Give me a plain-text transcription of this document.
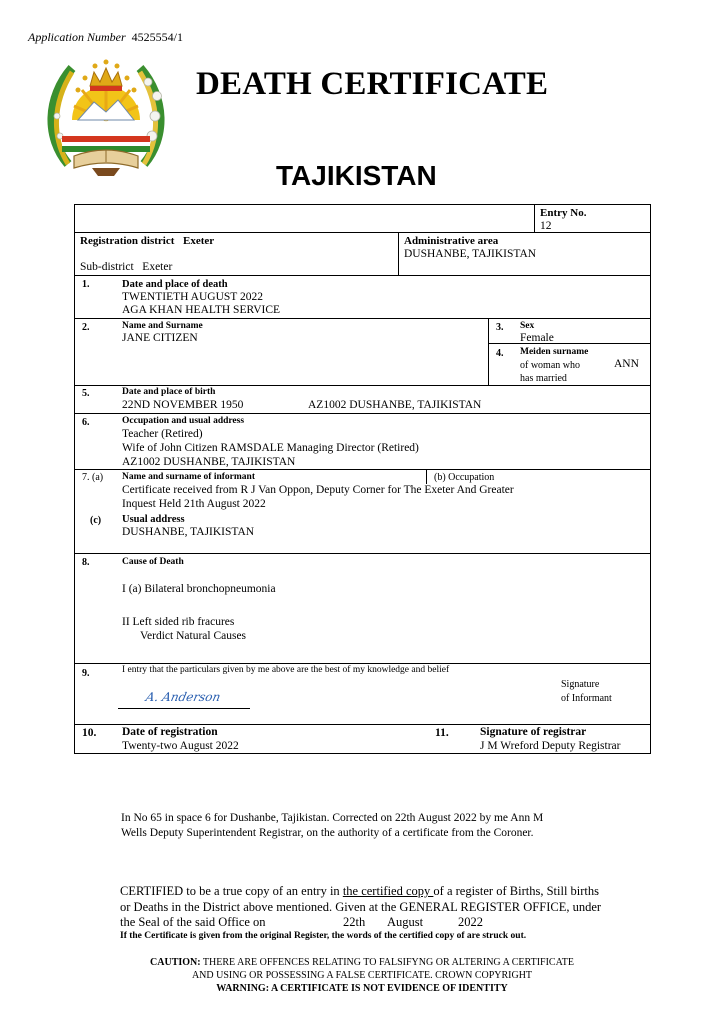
Application Number 4525554/1
DEATH CERTIFICATE
TAJIKISTAN
Entry No.
12
Registration district Exeter
Sub-district Exeter
Administrative area
DUSHANBE, TAJIKISTAN
1.	Date and place of death
TWENTIETH AUGUST 2022
AGA KHAN HEALTH SERVICE
2.	Name and Surname
JANE CITIZEN
3. Sex
Female
4. Meiden surname
of woman who
has married
ANN
5.	Date and place of birth
22ND NOVEMBER 1950	AZ1002 DUSHANBE, TAJIKISTAN
6.	Occupation and usual address
Teacher (Retired)
Wife of John Citizen RAMSDALE Managing Director (Retired)
AZ1002 DUSHANBE, TAJIKISTAN
7. (a) Name and surname of informant	(b) Occupation
Certificate received from R J Van Oppon, Deputy Corner for The Exeter And Greater
Inquest Held 21th August 2022
(c) Usual address
DUSHANBE, TAJIKISTAN
8.	Cause of Death
I (a) Bilateral bronchopneumonia
II Left sided rib fracures
Verdict Natural Causes
9.	I entry that the particulars given by me above are the best of my knowledge and belief
A. Anderson
Signature
of Informant
10. Date of registration
Twenty-two August 2022
11.	Signature of registrar
J M Wreford Deputy Registrar
In No 65 in space 6 for Dushanbe, Tajikistan. Corrected on 22th August 2022 by me Ann M
Wells Deputy Superintendent Registrar, on the authority of a certificate from the Coroner.
CERTIFIED to be a true copy of an entry in the certified copy of a register of Births, Still births
or Deaths in the District above mentioned. Given at the GENERAL REGISTER OFFICE, under
the Seal of the said Office on	22th August	2022
If the Certificate is given from the original Register, the words of the certified copy of are struck out.
CAUTION: THERE ARE OFFENCES RELATING TO FALSIFYNG OR ALTERING A CERTIFICATE
AND USING OR POSSESSING A FALSE CERTIFICATE. CROWN COPYRIGHT
WARNING: A CERTIFICATE IS NOT EVIDENCE OF IDENTITY
